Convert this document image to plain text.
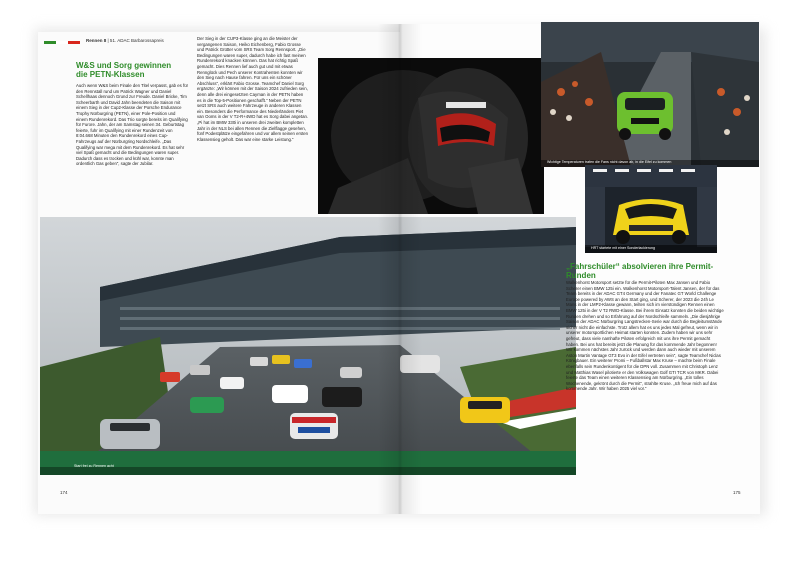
Rennen 8 | 51. ADAC Barbarossapreis
W&S und Sorg gewinnen die PETN-Klassen
Auch wenn W&S beim Finale den Titel verpasst, gab es für den Rennstall rund um Patrick Wagner und Daniel Schellhaas dennoch Grund zur Freude. Daniel Bricke, Tim Scheerbarth und David Jahn beendeten die Saison mit einem Sieg in der Cup2-Klasse der Porsche Endurance Trophy Nürburgring (PETN), einer Pole-Position und einem Rundenrekord. Das Trio sorgte bereits im Qualifying für Furore. Jahn, der am Samstag seinen 34. Geburtstag feierte, fuhr im Qualifying mit einer Rundenzeit von 8:04.668 Minuten den Rundenrekord eines Cup-Fahrzeugs auf der Nürburgring Nordschleife. „Das Qualifying war mega mit dem Rundenrekord. Es hat sehr viel Spaß gemacht und die Bedingungen waren super. Dadurch dass es trocken und kühl war, konnte man ordentlich Gas geben“, sagte der Jubilar.
Der Sieg in der CUP3-Klasse ging an die Meister der vergangenen Saison, Heiko Eichenberg, Fabio Grosse und Patrick Grütter vom SRS Team Sorg Rennsport. „Die Bedingungen waren super, dadurch habe ich fast meinen Rundenrekord knacken können. Das hat richtig Spaß gemacht. Dies Rennen lief auch gut und mit etwas Rennglück und Pech unserer Kontrahenten konnten wir den Sieg nach Hause fahren. Für uns ein schöner Abschluss“, erklärt Fabio Grosse. Teamchef Daniel Sorg ergänzte: „Wir können mit der Saison 2024 zufrieden sein, denn alle drei eingesetzten Cayman in der PETN haben es in die Top-5-Positionen geschafft.“ Neben der PETN setzt SRS auch weitere Fahrzeuge in anderen Klassen ein. Besonders die Performance des Niederländers Piet van Ooms in der V T2-R+4WD hat es Sorg dabei angetan. „Pi hat im BMW 330i in unseren drei zweiten kompletten Jahr in der NLS bei allen Rennen die Zielflagge gesehen, fünf Podestplätze eingefahren und vor allem seinen ersten Klassensieg geholt. Das war eine starke Leistung.“
Wichtige Temperaturen trafen die Fans nicht davon ab, in die Eifel zu kommen
HRT startete mit einer Sonderlackierung
Start frei zu Rennen acht
„Fahrschüler“ absolvieren ihre Permit-Runden
Walkenhorst Motorsport setzte für die Permit-Piloten Max Jansen und Fabio Scherer einen BMW 125i ein. Walkenhorst Motorsport-Talent Jansen, der für das Team bereits in der ADAC GT4 Germany und der Fanatec GT World Challenge Europe powered by AWS an den Start ging, und Scherer, der 2023 die 24h Le Mans in der LMP2-Klasse gewann, teilten sich im vierstündigen Rennen einen BMW 125i in der V T2 RWD-Klasse. Bei ihrem Einsatz konnten die beiden wichtige Runden drehen und so Erfahrung auf der Nordschleife sammeln. „Die diesjährige Saison der ADAC Nürburgring Langstrecken-Serie war durch die Begleitumstände sicher nicht die einfachste. Trotz allem hat es uns jedes Mal gefreut, wenn wir in unserer motorsportlichen Heimat starten konnten. Zudem haben wir uns sehr gefreut, dass viele namhafte Piloten erfolgreich mit uns ihre Permit gemacht haben. Bei uns hat bereits jetzt die Planung für das kommende Jahr begonnen! Wir kommen nächstes Jahr zurück und werden dann auch wieder mit unserem Aston Martin Vantage GT3 Evo in der Eifel vertreten sein“, sagte Teamchef Niclas Königbauer. Ein weiterer Promi – Fußballstar Max Kruse – machte beim Finale ebenfalls sein Rundenkontigent für die DPN voll. Zusammen mit Christoph Lenz und Matthias Wasel pilotierte er den Volkswagen Golf GTI TCR von MKR. Dabei feierte das Team einen weiteren Klassensieg am Nürburgring. „Ein tolles Wochenende, gekrönt durch die Permit“, strahlte Kruse. „Ich freue mich auf das kommende Jahr. Wir haben 2025 viel vor.“
174	175
